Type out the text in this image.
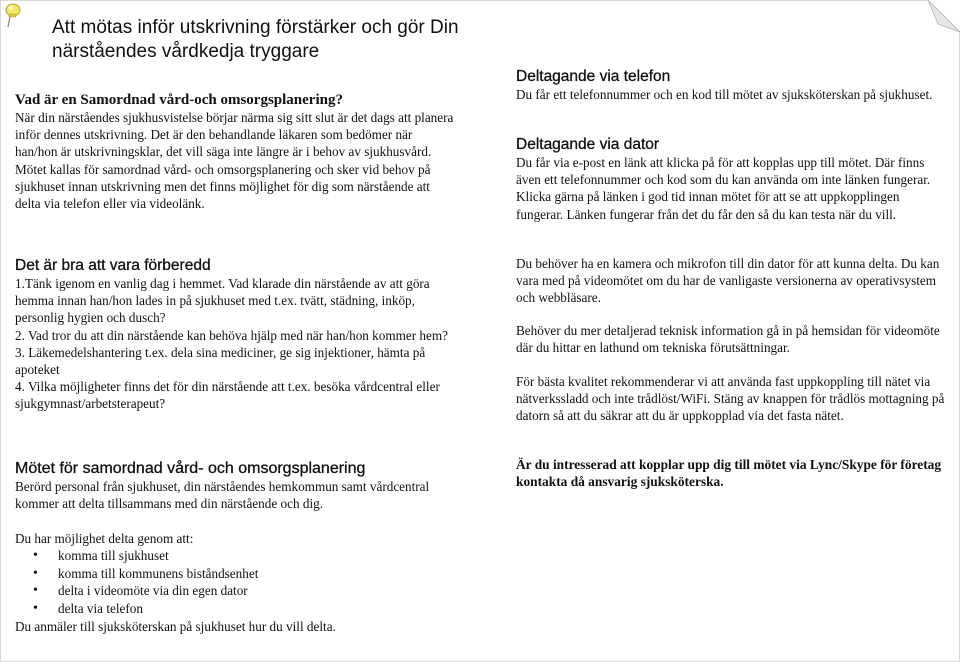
Att mötas inför utskrivning förstärker och gör Din närståendes vårdkedja tryggare

Vad är en Samordnad vård-och omsorgsplanering?

När din närståendes sjukhusvistelse börjar närma sig sitt slut är det dags att planera inför dennes utskrivning. Det är den behandlande läkaren som bedömer när han/hon är utskrivningsklar, det vill säga inte längre är i behov av sjukhusvård. Mötet kallas för samordnad vård- och omsorgsplanering och sker vid behov på sjukhuset innan utskrivning men det finns möjlighet för dig som närstående att delta via telefon eller via videolänk.

Det är bra att vara förberedd

1.Tänk igenom en vanlig dag i hemmet. Vad klarade din närstående av att göra hemma innan han/hon lades in på sjukhuset med t.ex. tvätt, städning, inköp, personlig hygien och dusch?

2. Vad tror du att din närstående kan behöva hjälp med när han/hon kommer hem?

3. Läkemedelshantering t.ex. dela sina mediciner, ge sig injektioner, hämta på apoteket

4. Vilka möjligheter finns det för din närstående att t.ex. besöka vårdcentral eller sjukgymnast/arbetsterapeut?

Mötet för samordnad vård- och omsorgsplanering

Berörd personal från sjukhuset, din närståendes hemkommun samt vårdcentral kommer att delta tillsammans med din närstående och dig.

Du har möjlighet delta genom att:

• komma till sjukhuset
• komma till kommunens biståndsenhet
• delta i videomöte via din egen dator
• delta via telefon

Du anmäler till sjuksköterskan på sjukhuset hur du vill delta.

Deltagande via telefon

Du får ett telefonnummer och en kod till mötet av sjuksköterskan på sjukhuset.

Deltagande via dator

Du får via e-post en länk att klicka på för att kopplas upp till mötet. Där finns även ett telefonnummer och kod som du kan använda om inte länken fungerar.

Klicka gärna på länken i god tid innan mötet för att se att uppkopplingen fungerar. Länken fungerar från det du får den så du kan testa när du vill.

Du behöver ha en kamera och mikrofon till din dator för att kunna delta. Du kan vara med på videomötet om du har de vanligaste versionerna av operativsystem och webbläsare.

Behöver du mer detaljerad teknisk information gå in på hemsidan för videomöte där du hittar en lathund om tekniska förutsättningar.

För bästa kvalitet rekommenderar vi att använda fast uppkoppling till nätet via nätverkssladd och inte trådlöst/WiFi. Stäng av knappen för trådlös mottagning på datorn så att du säkrar att du är uppkopplad via det fasta nätet.

Är du intresserad att kopplar upp dig till mötet via Lync/Skype för företag kontakta då ansvarig sjuksköterska.
